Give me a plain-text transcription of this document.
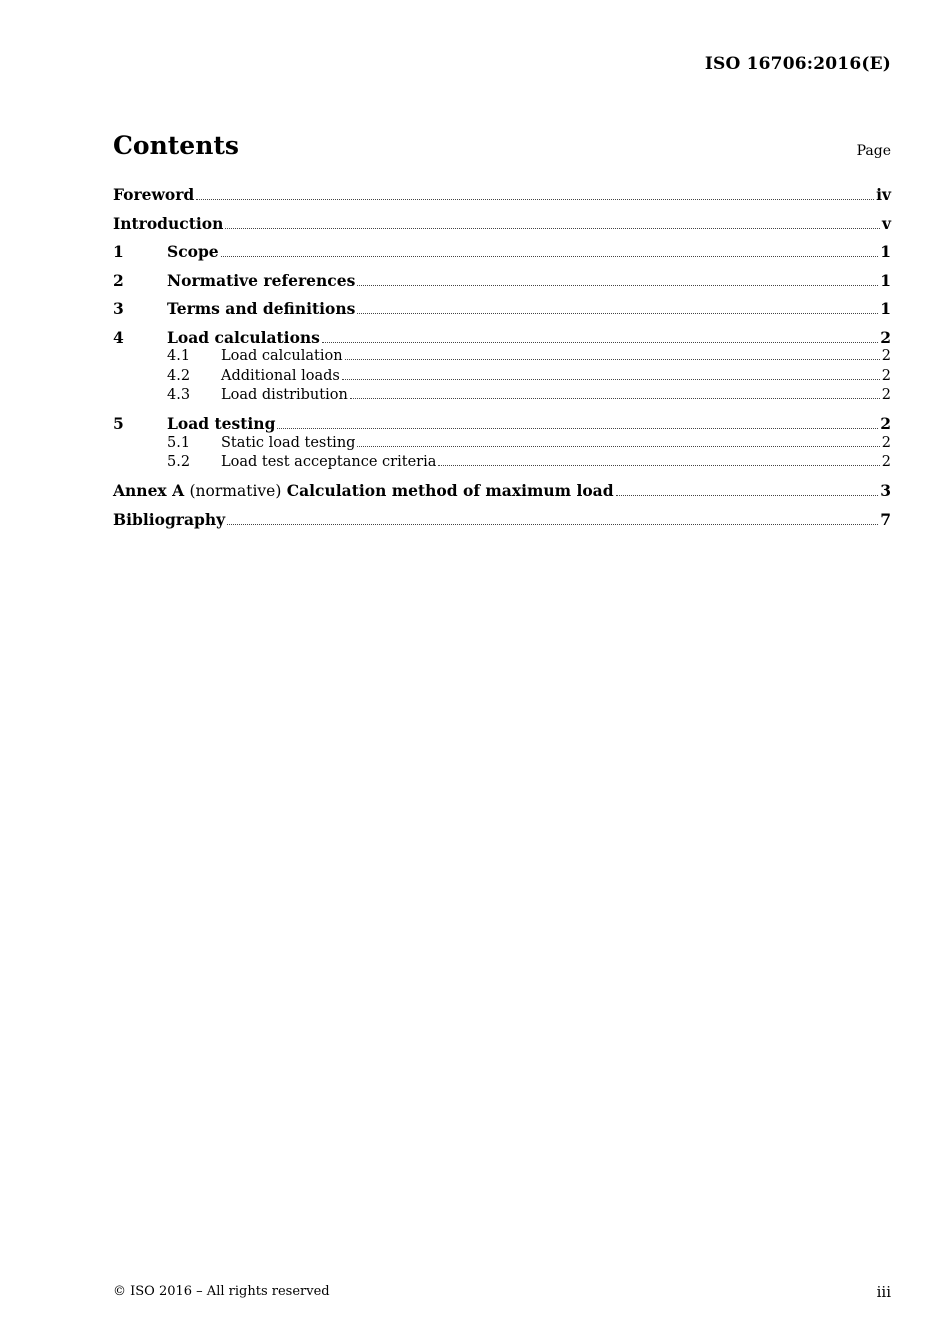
ISO 16706:2016(E)
Contents	Page
Foreword	iv
Introduction	v
1	Scope	1
2	Normative references	1
3	Terms and definitions	1
4	Load calculations	2
4.1	Load calculation	2
4.2	Additional loads	2
4.3	Load distribution	2
5	Load testing	2
5.1	Static load testing	2
5.2	Load test acceptance criteria	2
Annex A (normative) Calculation method of maximum load	3
Bibliography	7
© ISO 2016 – All rights reserved	iii
